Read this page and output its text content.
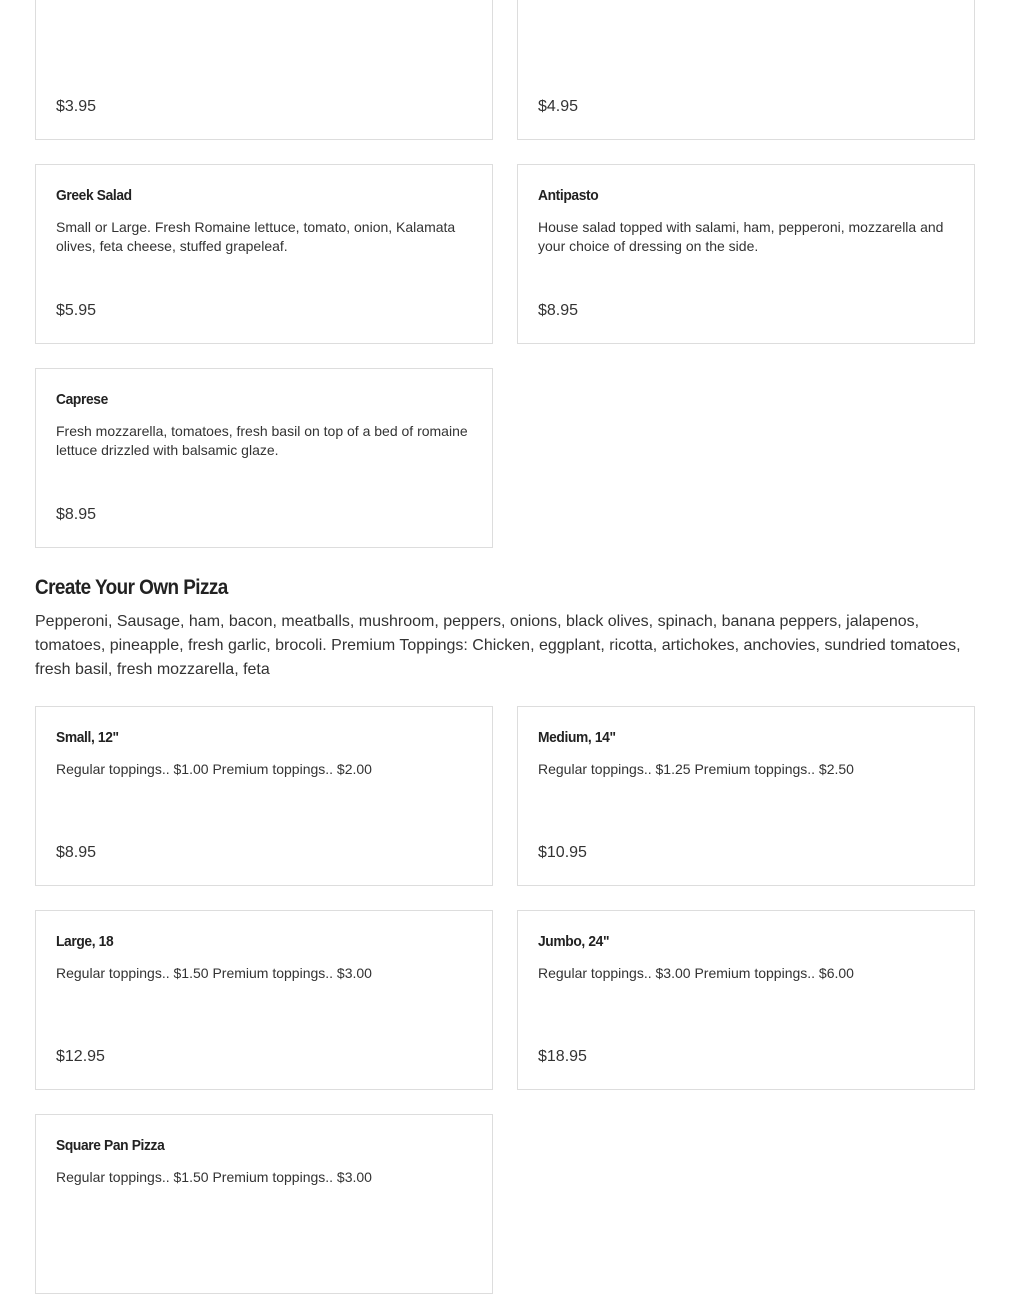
$3.95	$4.95
Greek Salad
Small or Large. Fresh Romaine lettuce, tomato, onion, Kalamata olives, feta cheese, stuffed grapeleaf.
$5.95
Antipasto
House salad topped with salami, ham, pepperoni, mozzarella and your choice of dressing on the side.
$8.95
Caprese
Fresh mozzarella, tomatoes, fresh basil on top of a bed of romaine lettuce drizzled with balsamic glaze.
$8.95
Create Your Own Pizza

Pepperoni, Sausage, ham, bacon, meatballs, mushroom, peppers, onions, black olives, spinach, banana peppers, jalapenos, tomatoes, pineapple, fresh garlic, brocoli. Premium Toppings: Chicken, eggplant, ricotta, artichokes, anchovies, sundried tomatoes, fresh basil, fresh mozzarella, feta

Small, 12"
Regular toppings.. $1.00 Premium toppings.. $2.00
$8.95
Medium, 14"
Regular toppings.. $1.25 Premium toppings.. $2.50
$10.95
Large, 18
Regular toppings.. $1.50 Premium toppings.. $3.00
$12.95
Jumbo, 24"
Regular toppings.. $3.00 Premium toppings.. $6.00
$18.95
Square Pan Pizza
Regular toppings.. $1.50 Premium toppings.. $3.00
